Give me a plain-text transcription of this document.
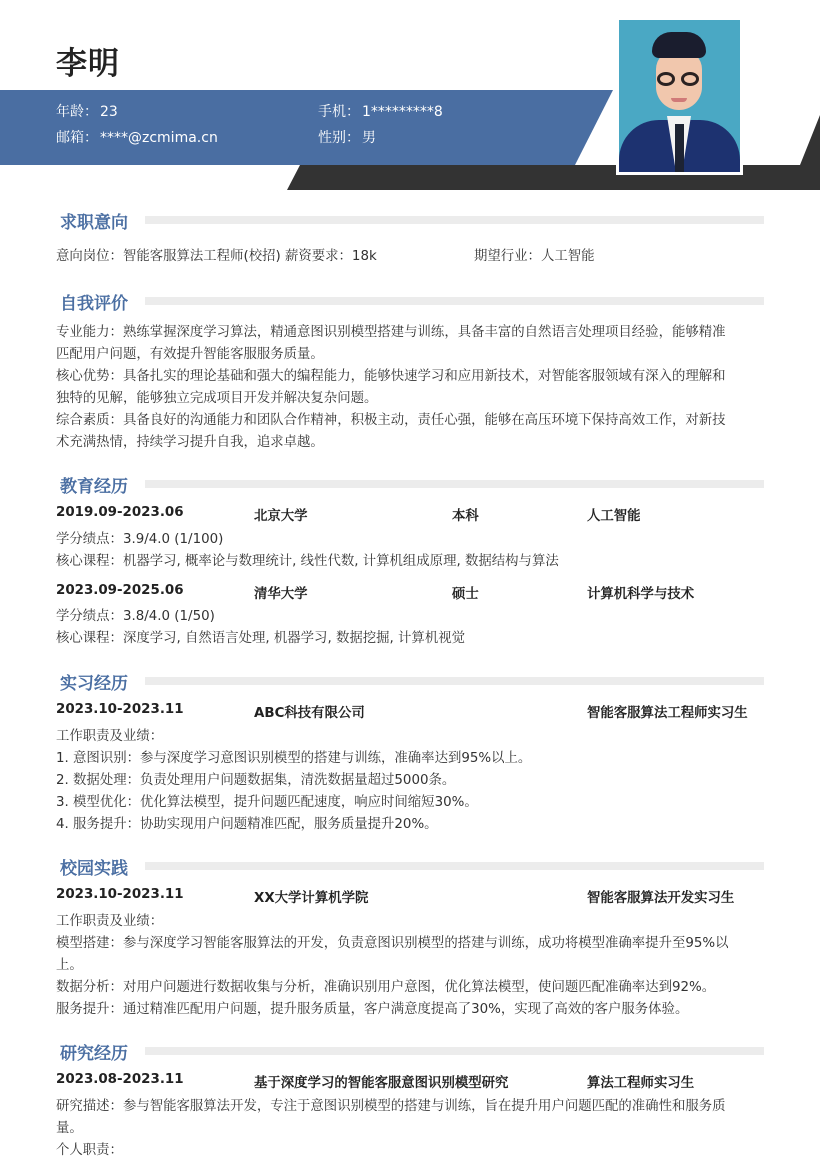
李明
年龄： 23	手机： 1*********8
邮箱： ****@zcmima.cn	性别： 男
求职意向
意向岗位：智能客服算法工程师(校招) 薪资要求：18k	期望行业：人工智能
自我评价
专业能力：熟练掌握深度学习算法，精通意图识别模型搭建与训练，具备丰富的自然语言处理项目经验，能够精准
匹配用户问题，有效提升智能客服服务质量。
核心优势：具备扎实的理论基础和强大的编程能力，能够快速学习和应用新技术，对智能客服领域有深入的理解和
独特的见解，能够独立完成项目开发并解决复杂问题。
综合素质：具备良好的沟通能力和团队合作精神，积极主动，责任心强，能够在高压环境下保持高效工作，对新技
术充满热情，持续学习提升自我，追求卓越。
教育经历
2019.09-2023.06	北京大学	本科	人工智能
学分绩点：3.9/4.0 (1/100)
核心课程：机器学习, 概率论与数理统计, 线性代数, 计算机组成原理, 数据结构与算法
2023.09-2025.06	清华大学	硕士	计算机科学与技术
学分绩点：3.8/4.0 (1/50)
核心课程：深度学习, 自然语言处理, 机器学习, 数据挖掘, 计算机视觉
实习经历
2023.10-2023.11	ABC科技有限公司	智能客服算法工程师实习生
工作职责及业绩：
1. 意图识别：参与深度学习意图识别模型的搭建与训练，准确率达到95%以上。
2. 数据处理：负责处理用户问题数据集，清洗数据量超过5000条。
3. 模型优化：优化算法模型，提升问题匹配速度，响应时间缩短30%。
4. 服务提升：协助实现用户问题精准匹配，服务质量提升20%。
校园实践
2023.10-2023.11	XX大学计算机学院	智能客服算法开发实习生
工作职责及业绩：
模型搭建：参与深度学习智能客服算法的开发，负责意图识别模型的搭建与训练，成功将模型准确率提升至95%以
上。
数据分析：对用户问题进行数据收集与分析，准确识别用户意图，优化算法模型，使问题匹配准确率达到92%。
服务提升：通过精准匹配用户问题，提升服务质量，客户满意度提高了30%，实现了高效的客户服务体验。
研究经历
2023.08-2023.11	基于深度学习的智能客服意图识别模型研究	算法工程师实习生
研究描述：参与智能客服算法开发，专注于意图识别模型的搭建与训练，旨在提升用户问题匹配的准确性和服务质
量。
个人职责：
